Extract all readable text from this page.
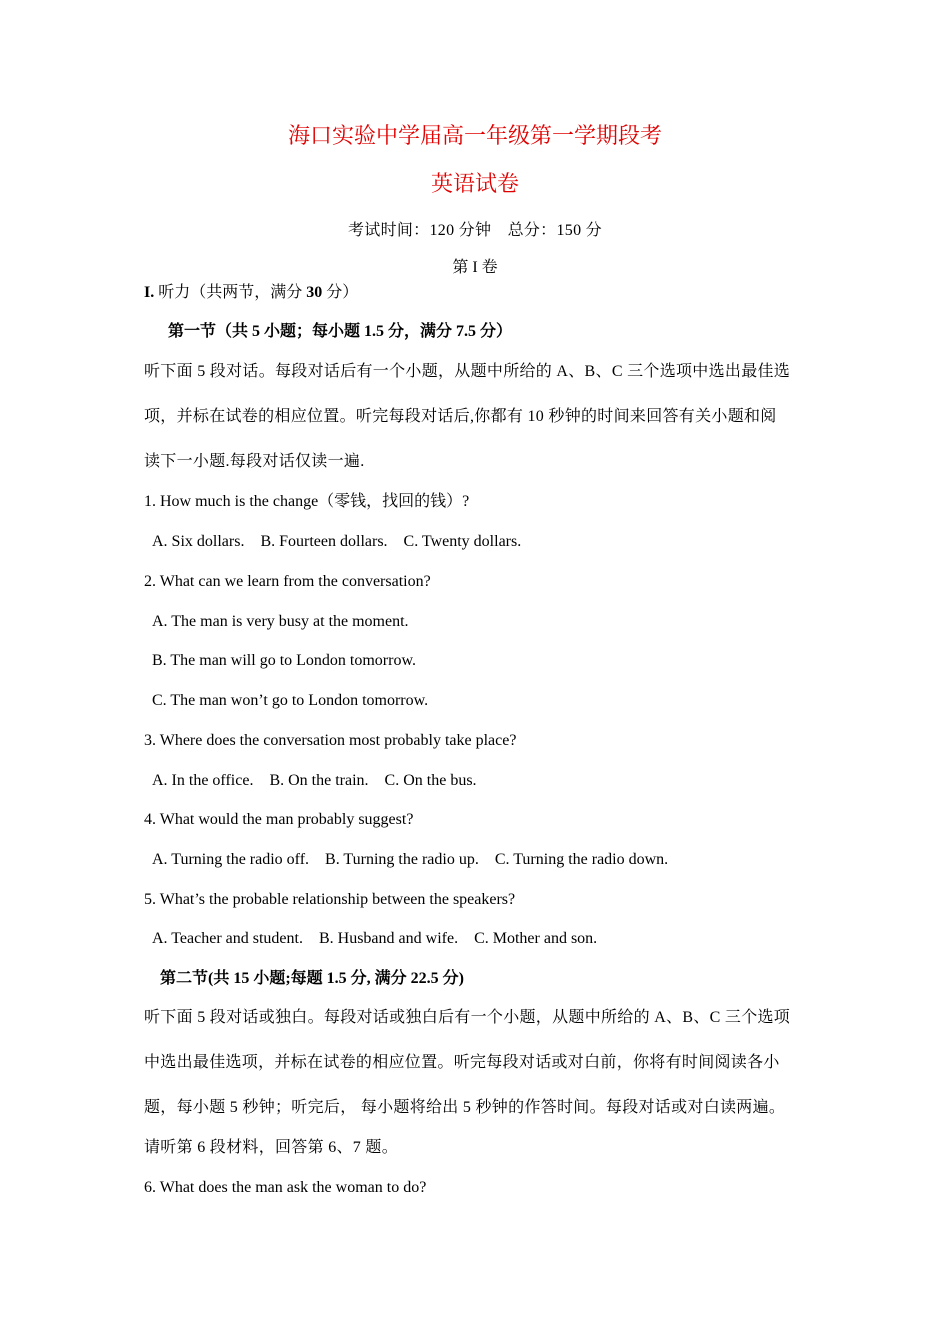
海口实验中学届高一年级第一学期段考
英语试卷
考试时间：120 分钟　总分：150 分
第 I 卷
I. 听力（共两节，满分 30 分）
第一节（共 5 小题；每小题 1.5 分，满分 7.5 分）
听下面 5 段对话。每段对话后有一个小题，从题中所给的 A、B、C 三个选项中选出最佳选
项，并标在试卷的相应位置。听完每段对话后,你都有 10 秒钟的时间来回答有关小题和阅
读下一小题.每段对话仅读一遍.
1. How much is the change（零钱，找回的钱）?
A. Six dollars.　B. Fourteen dollars.　C. Twenty dollars.
2. What can we learn from the conversation?
A. The man is very busy at the moment.
B. The man will go to London tomorrow.
C. The man won’t go to London tomorrow.
3. Where does the conversation most probably take place?
A. In the office.　B. On the train.　C. On the bus.
4. What would the man probably suggest?
A. Turning the radio off.　B. Turning the radio up.　C. Turning the radio down.
5. What’s the probable relationship between the speakers?
A. Teacher and student.　B. Husband and wife.　C. Mother and son.
第二节(共 15 小题;每题 1.5 分, 满分 22.5 分)
听下面 5 段对话或独白。每段对话或独白后有一个小题，从题中所给的 A、B、C 三个选项
中选出最佳选项，并标在试卷的相应位置。听完每段对话或对白前，你将有时间阅读各小
题，每小题 5 秒钟；听完后， 每小题将给出 5 秒钟的作答时间。每段对话或对白读两遍。
请听第 6 段材料，回答第 6、7 题。
6. What does the man ask the woman to do?
